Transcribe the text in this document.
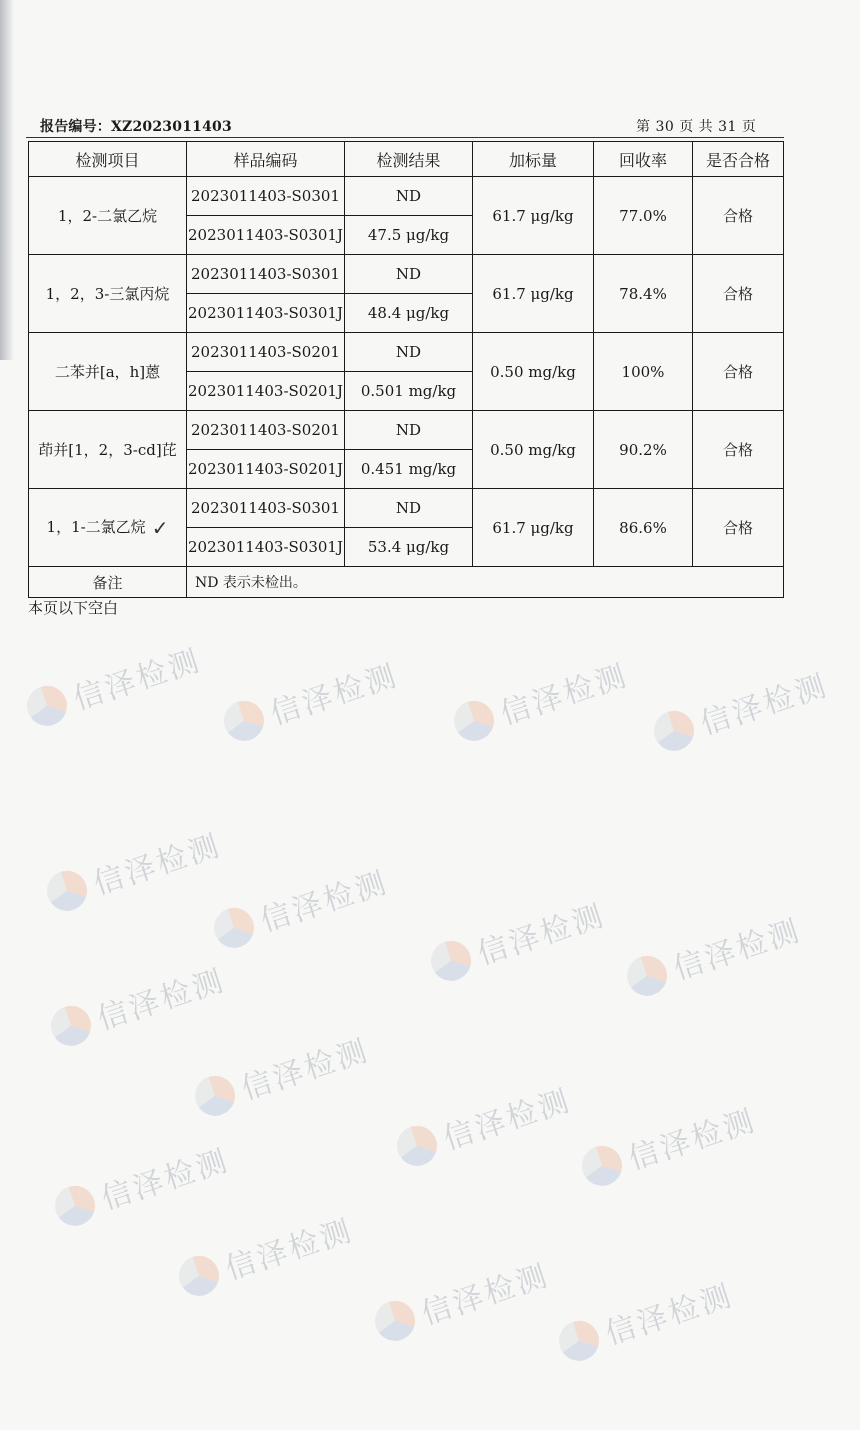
报告编号：XZ2023011403	第 30 页 共 31 页
检测项目	样品编码	检测结果	加标量	回收率	是否合格
1，2-二氯乙烷	2023011403-S0301	ND	61.7 μg/kg	77.0%	合格
	2023011403-S0301J	47.5 μg/kg			
1，2，3-三氯丙烷	2023011403-S0301	ND	61.7 μg/kg	78.4%	合格
	2023011403-S0301J	48.4 μg/kg			
二苯并[a，h]蒽	2023011403-S0201	ND	0.50 mg/kg	100%	合格
	2023011403-S0201J	0.501 mg/kg			
茚并[1，2，3-cd]芘	2023011403-S0201	ND	0.50 mg/kg	90.2%	合格
	2023011403-S0201J	0.451 mg/kg			
1，1-二氯乙烷 ✓	2023011403-S0301	ND	61.7 μg/kg	86.6%	合格
	2023011403-S0301J	53.4 μg/kg			
备注	ND 表示未检出。				
本页以下空白
信泽检测 信泽检测	信泽检测 信泽检测
信泽检测 信泽检测	信泽检测 信泽检测
信泽检测
信泽检测
信泽检测 信泽检测
信泽检测
信泽检测
信泽检测 信泽检测
